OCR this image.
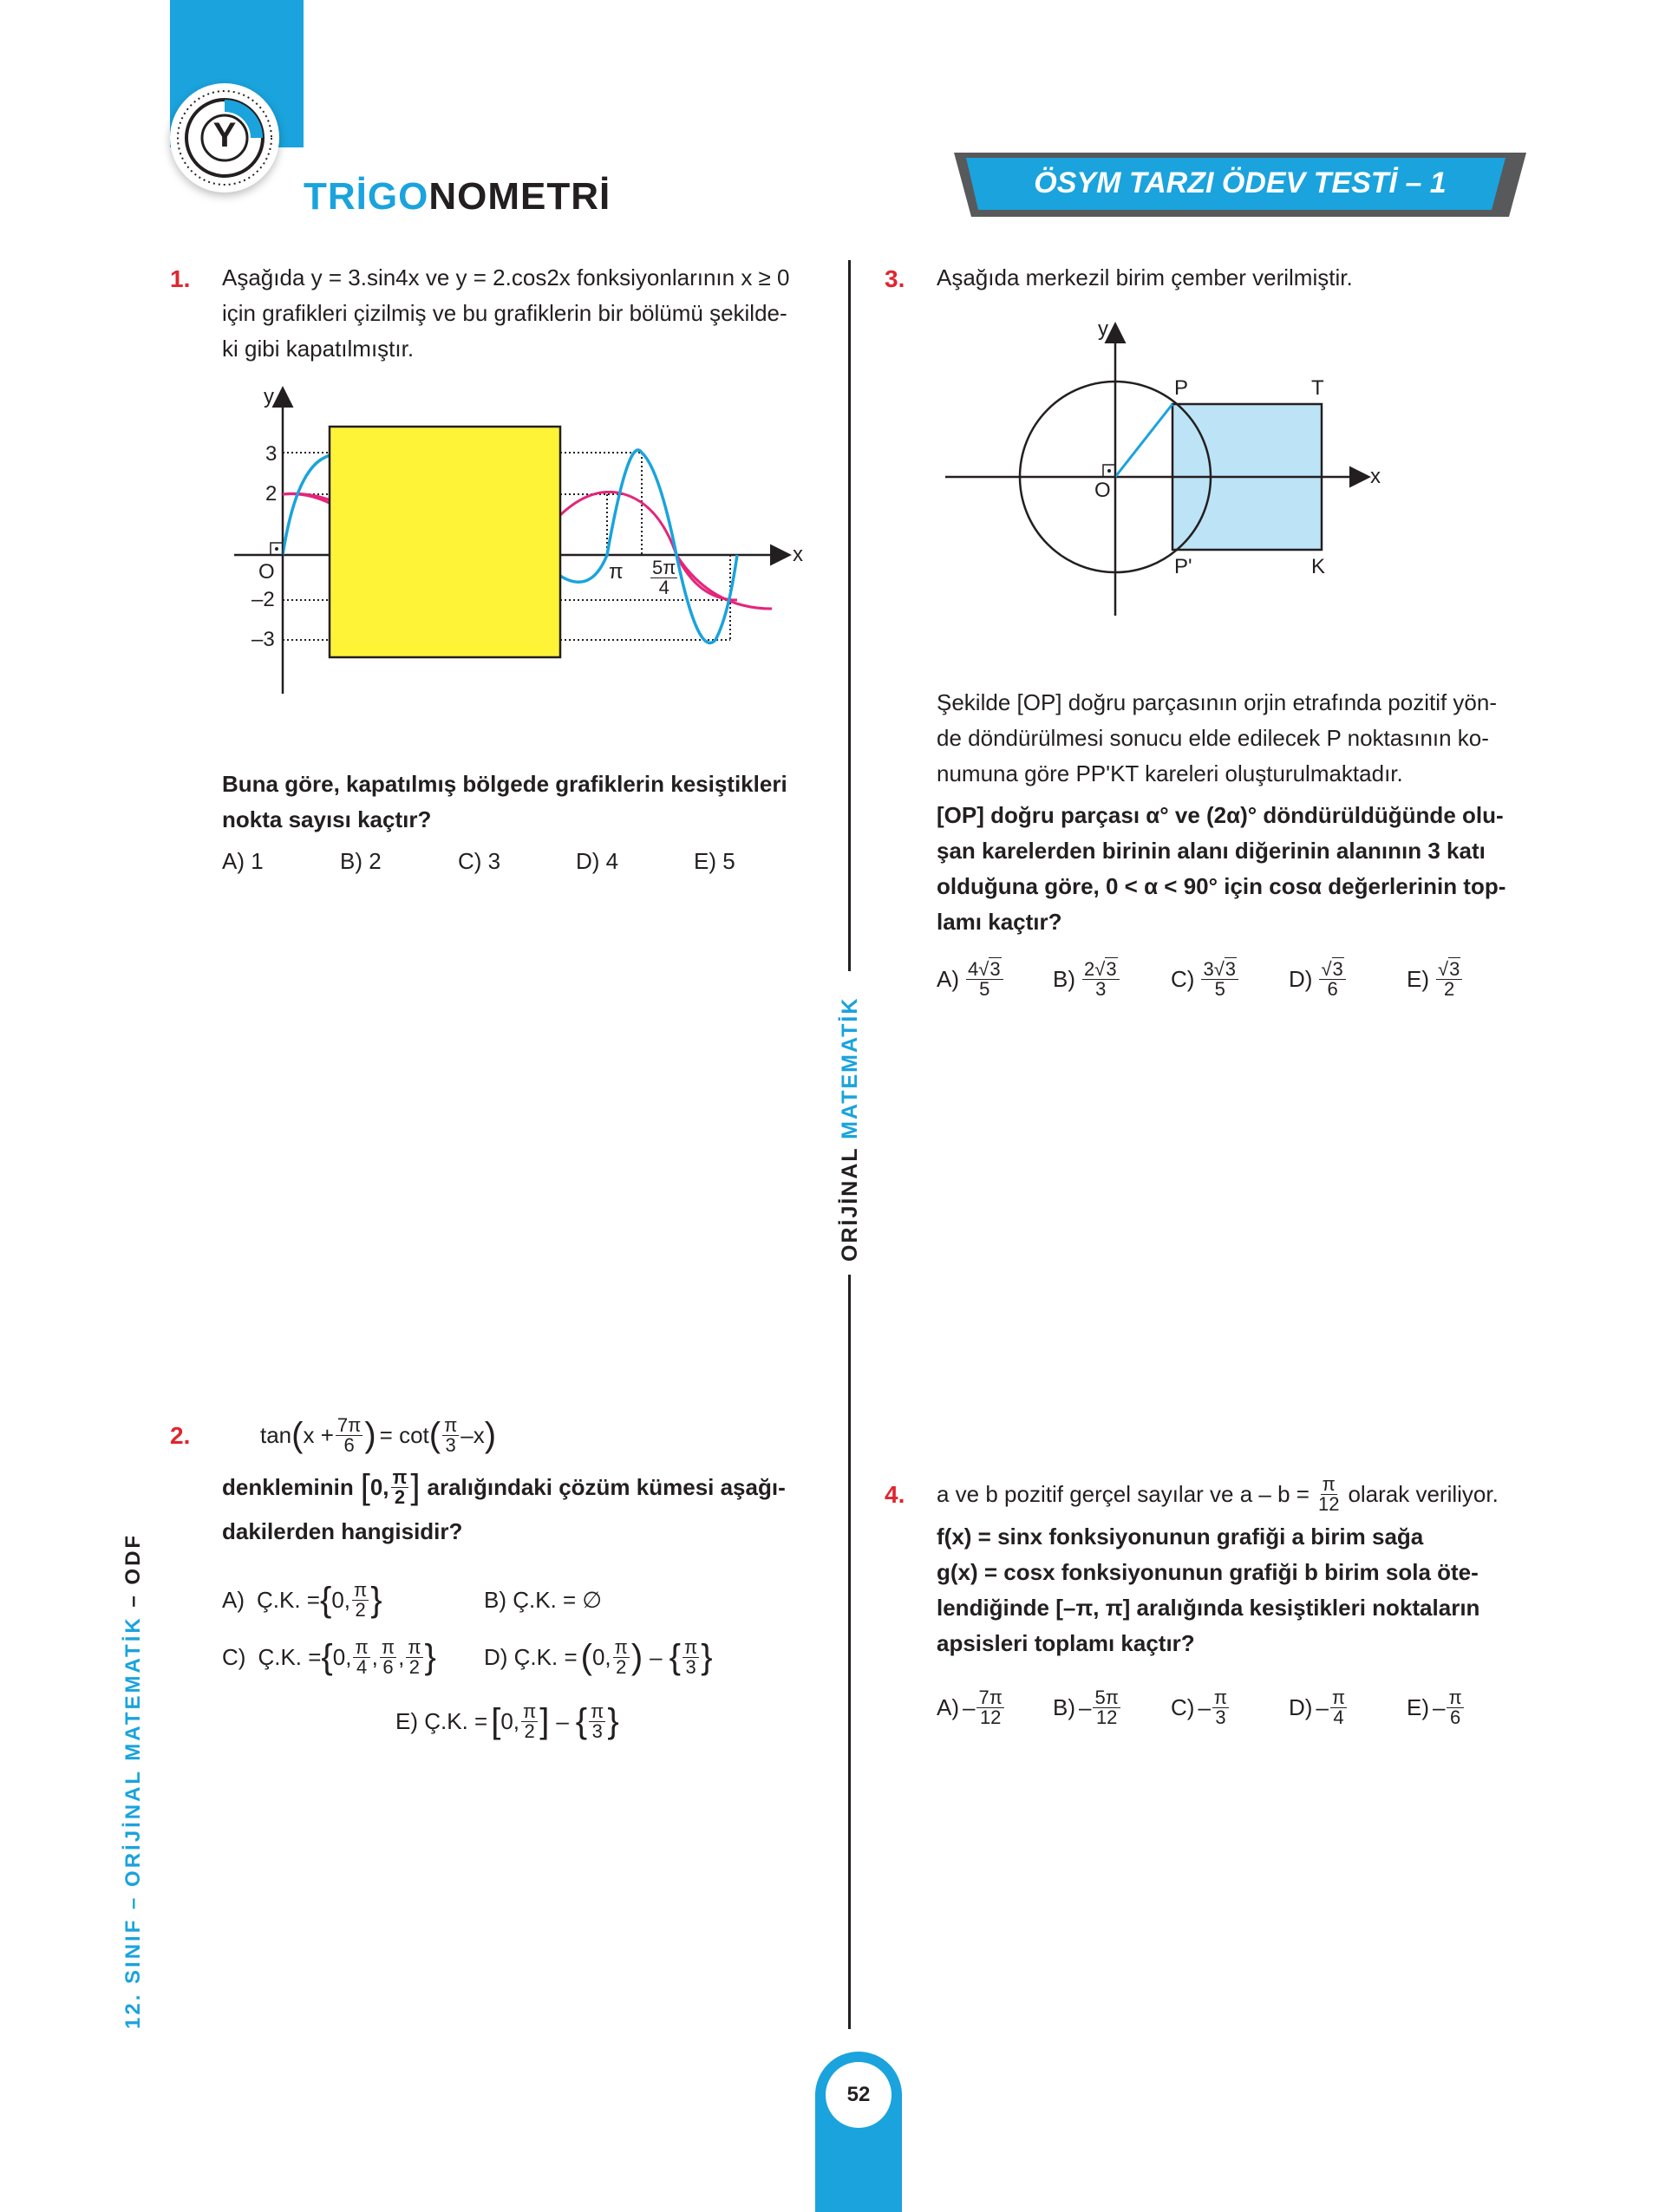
Y
TRİGONOMETRİ	ÖSYM TARZI ÖDEV TESTİ – 1
12. SINIF – ORİJİNAL MATEMATİK – ODF
ORİJİNAL MATEMATİK
1. Aşağıda y = 3.sin4x ve y = 2.cos2x fonksiyonlarının x ≥ 0
için grafikleri çizilmiş ve bu grafiklerin bir bölümü şekilde-
ki gibi kapatılmıştır.
y
x
3
2
O
–2
–3
π $\frac{5\pi}{4}$
Buna göre, kapatılmış bölgede grafiklerin kesiştikleri
nokta sayısı kaçtır?
A) 1	B) 2	C) 3	D) 4	E) 5
2.	tan ( $x + \frac{7\pi}{6}$ ) = cot ( $\frac{\pi}{3} -x$ )
denkleminin [ 0, $\frac{\pi}{2}$ ] aralığındaki çözüm kümesi aşağı-
dakilerden hangisidir?
A) Ç.K. = { 0, $\frac{\pi}{2}$ }	B) Ç.K. = ∅
C) Ç.K. = { 0, $\frac{\pi}{4}$ , $\frac{\pi}{6}$ , $\frac{\pi}{2}$ } D) Ç.K. = ( 0, $\frac{\pi}{2}$ ) – { $\frac{\pi}{3}$ }
E) Ç.K. = [ 0, $\frac{\pi}{2}$ ] – { $\frac{\pi}{3}$ }
3. Aşağıda merkezil birim çember verilmiştir.
y
x
P	T
O
P'	K
Şekilde [OP] doğru parçasının orjin etrafında pozitif yön-
de döndürülmesi sonucu elde edilecek P noktasının ko-
numuna göre PP'KT kareleri oluşturulmaktadır.
[OP] doğru parçası α° ve (2α)° döndürüldüğünde olu-
şan karelerden birinin alanı diğerinin alanının 3 katı
olduğuna göre, 0 < α < 90° için cosα değerlerinin top-
lamı kaçtır?
$A) \frac{4√3}{5} B) \frac{2√3}{3} C) \frac{3√3}{5} D) \frac{√3}{6}$	$E) \frac{√3}{2}$
4. a ve b pozitif gerçel sayılar ve $a - b = \frac{\pi}{12}$ olarak veriliyor.
f(x) = sinx fonksiyonunun grafiği a birim sağa
g(x) = cosx fonksiyonunun grafiği b birim sola öte-
lendiğinde [–π, π] aralığında kesiştikleri noktaların
apsisleri toplamı kaçtır?
$A) - \frac{7\pi}{12} B) - \frac{5\pi}{12} C) - \frac{\pi}{3}$	$D) - \frac{\pi}{4}$	$E) - \frac{\pi}{6}$
52
